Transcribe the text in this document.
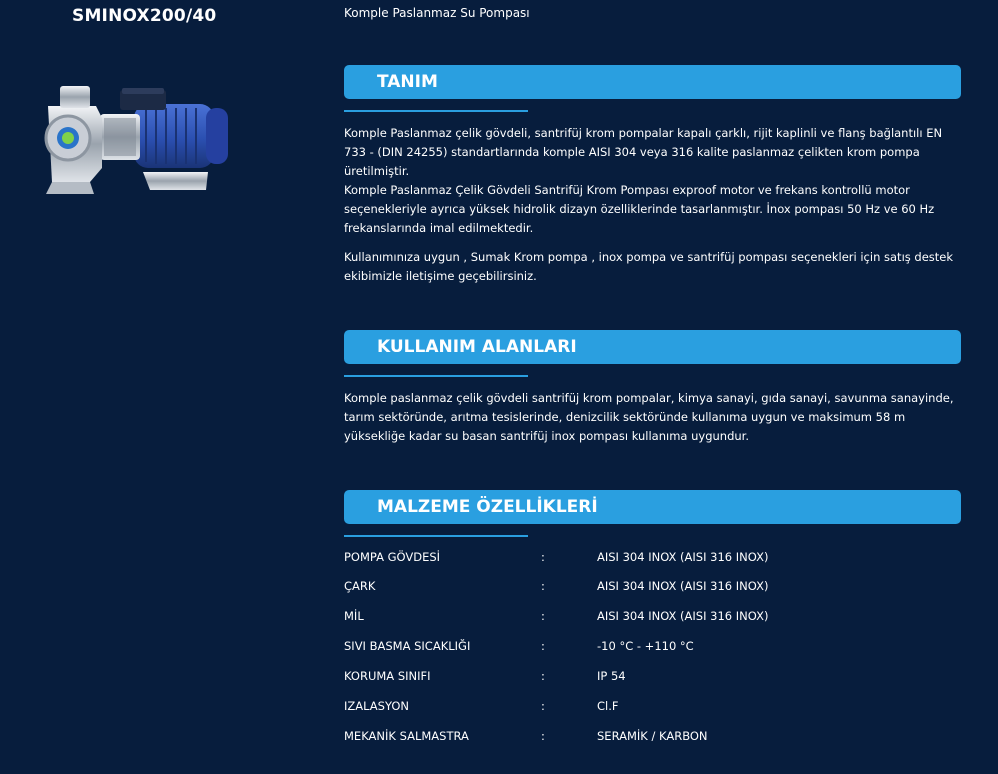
SMINOX200/40	Komple Paslanmaz Su Pompası
TANIM
Komple Paslanmaz çelik gövdeli, santrifüj krom pompalar kapalı çarklı, rijit kaplinli ve flanş bağlantılı EN 733 - (DIN 24255) standartlarında komple AISI 304 veya 316 kalite paslanmaz çelikten krom pompa üretilmiştir.
Komple Paslanmaz Çelik Gövdeli Santrifüj Krom Pompası exproof motor ve frekans kontrollü motor seçenekleriyle ayrıca yüksek hidrolik dizayn özelliklerinde tasarlanmıştır. İnox pompası 50 Hz ve 60 Hz frekanslarında imal edilmektedir.
Kullanımınıza uygun , Sumak Krom pompa , inox pompa ve santrifüj pompası seçenekleri için satış destek ekibimizle iletişime geçebilirsiniz.
KULLANIM ALANLARI
Komple paslanmaz çelik gövdeli santrifüj krom pompalar, kimya sanayi, gıda sanayi, savunma sanayinde, tarım sektöründe, arıtma tesislerinde, denizcilik sektöründe kullanıma uygun ve maksimum 58 m yüksekliğe kadar su basan santrifüj inox pompası kullanıma uygundur.
MALZEME ÖZELLİKLERİ
POMPA GÖVDESİ	:	AISI 304 INOX (AISI 316 INOX)
ÇARK	:	AISI 304 INOX (AISI 316 INOX)
MİL	:	AISI 304 INOX (AISI 316 INOX)
SIVI BASMA SICAKLIĞI	:	-10 °C - +110 °C
KORUMA SINIFI	:	IP 54
IZALASYON	:	Cl.F
MEKANİK SALMASTRA	:	SERAMİK / KARBON
